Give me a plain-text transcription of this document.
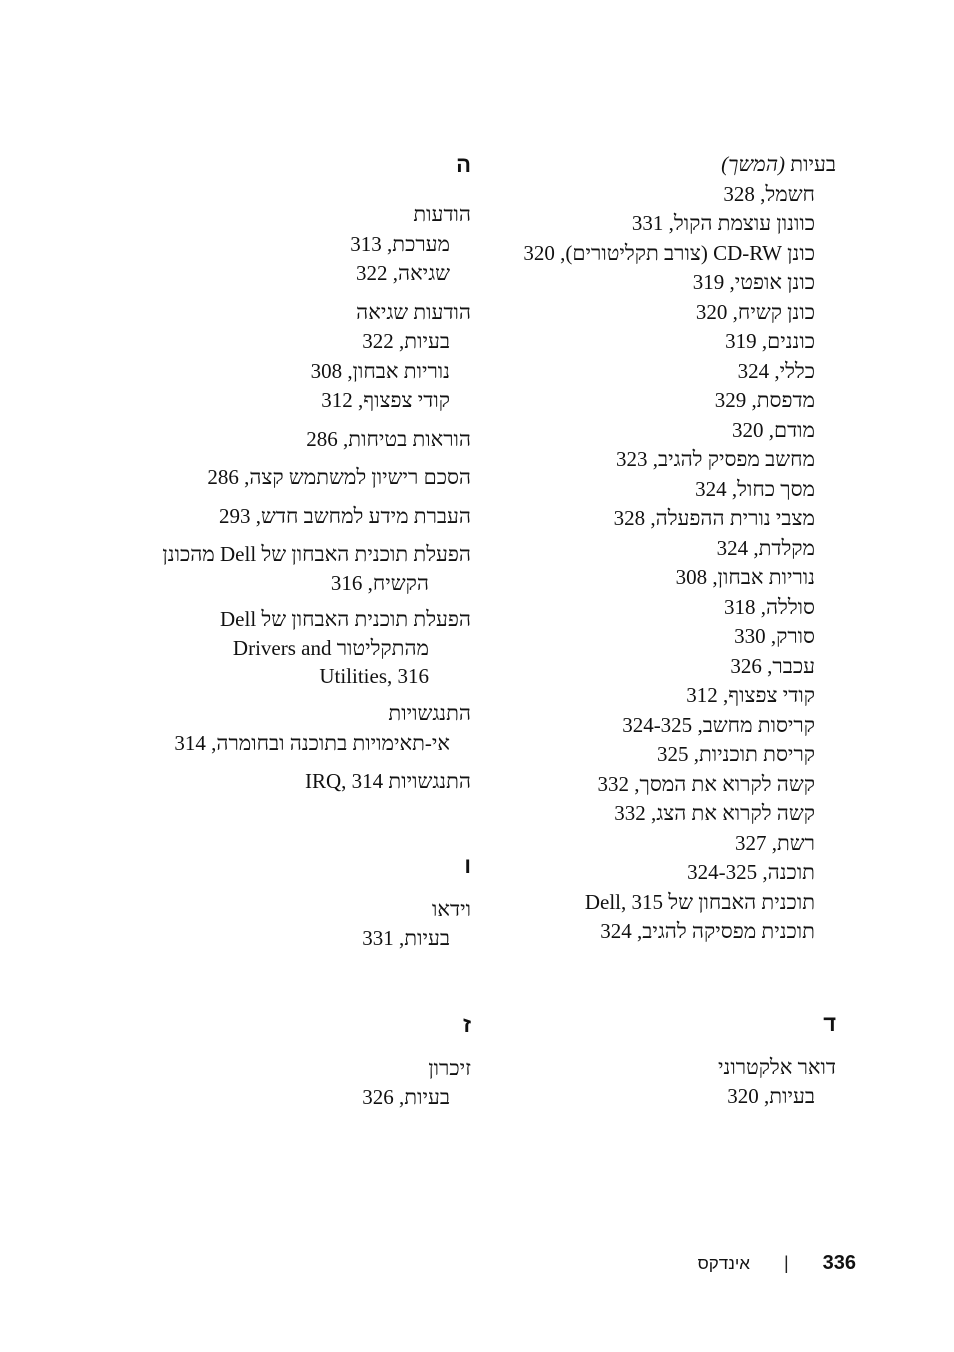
בעיות (המשך)
חשמל, 328
כוונון עוצמת הקול, 331
כונן CD-RW (צורב תקליטורים), 320
כונן אופטי, 319
כונן קשיח, 320
כוננים, 319
כללי, 324
מדפסת, 329
מודם, 320
מחשב מפסיק להגיב, 323
מסך כחול, 324
מצבי נורית ההפעלה, 328
מקלדת, 324
נוריות אבחון, 308
סוללה, 318
סורק, 330
עכבר, 326
קודי צפצוף, 312
קריסות מחשב, 324-325
קריסת תוכניות, 325
קשה לקרוא את המסך, 332
קשה לקרוא את הצג, 332
רשת, 327
תוכנה, 324-325
תוכנית האבחון של Dell, 315
תוכנית מפסיקה להגיב, 324
ד
דואר אלקטרוני
בעיות, 320
ה
הודעות
מערכת, 313
שגיאה, 322
הודעות שגיאה
בעיות, 322
נוריות אבחון, 308
קודי צפצוף, 312
הוראות בטיחות, 286
הסכם רישיון למשתמש קצה, 286
העברת מידע למחשב חדש, 293
הפעלת תוכנית האבחון של Dell מהכונן
הקשיח, 316
הפעלת תוכנית האבחון של Dell
מהתקליטור Drivers and
Utilities, 316
התנגשויות
אי-תאימויות בתוכנה ובחומרה, 314
התנגשויות IRQ, 314
ו
וידאו
בעיות, 331
ז
זיכרון
בעיות, 326
336
|
אינדקס
